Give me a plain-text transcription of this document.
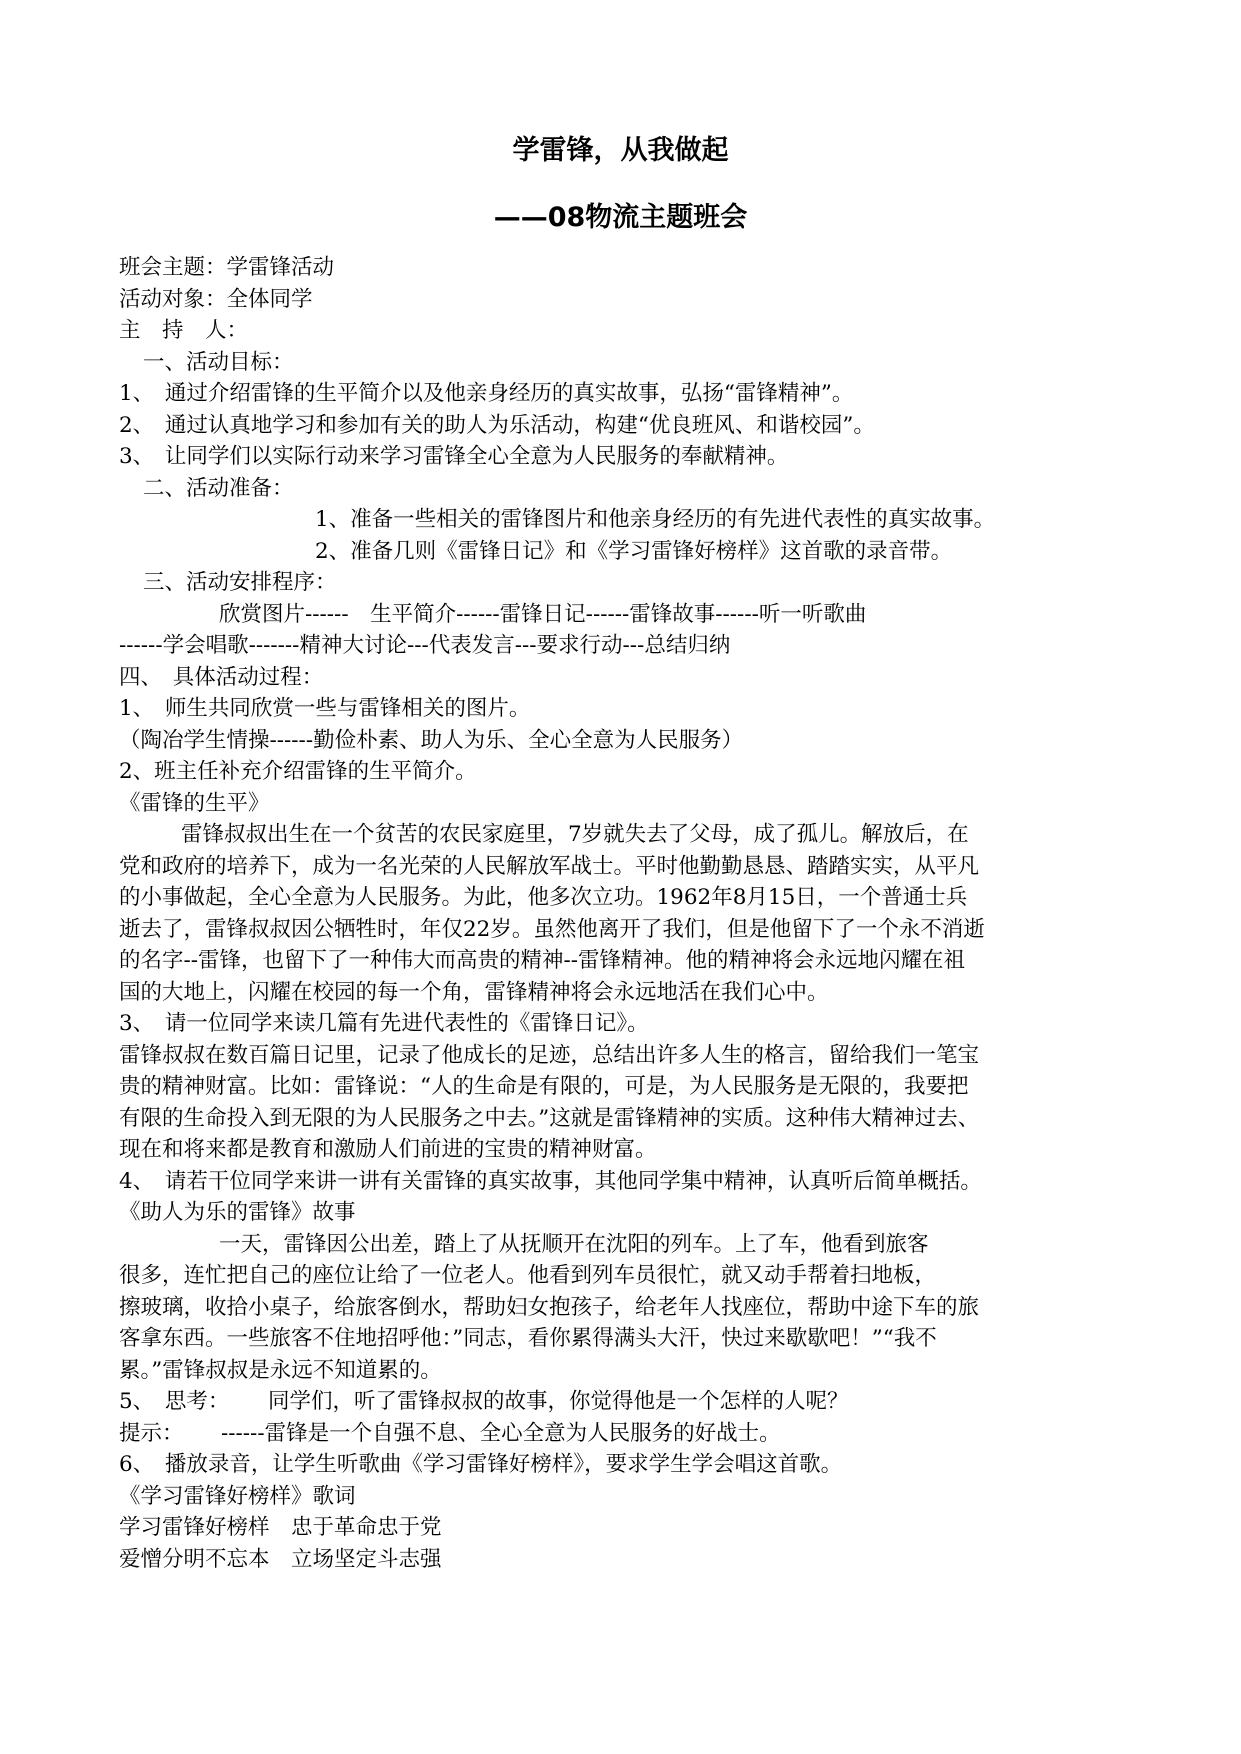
学雷锋，从我做起
——08物流主题班会
班会主题：学雷锋活动
活动对象：全体同学
主　持　人：
一、活动目标：
1、　通过介绍雷锋的生平简介以及他亲身经历的真实故事，弘扬“雷锋精神”。
2、　通过认真地学习和参加有关的助人为乐活动，构建“优良班风、和谐校园”。
3、　让同学们以实际行动来学习雷锋全心全意为人民服务的奉献精神。
二、活动准备：
1、准备一些相关的雷锋图片和他亲身经历的有先进代表性的真实故事。
2、准备几则《雷锋日记》和《学习雷锋好榜样》这首歌的录音带。
三、活动安排程序：
欣赏图片------　生平简介------雷锋日记------雷锋故事------听一听歌曲
------学会唱歌-------精神大讨论---代表发言---要求行动---总结归纳
四、　具体活动过程：
1、　师生共同欣赏一些与雷锋相关的图片。
（陶冶学生情操------勤俭朴素、助人为乐、全心全意为人民服务）
2、班主任补充介绍雷锋的生平简介。
《雷锋的生平》
雷锋叔叔出生在一个贫苦的农民家庭里，7岁就失去了父母，成了孤儿。解放后，在
党和政府的培养下，成为一名光荣的人民解放军战士。平时他勤勤恳恳、踏踏实实，从平凡
的小事做起，全心全意为人民服务。为此，他多次立功。1962年8月15日，一个普通士兵
逝去了，雷锋叔叔因公牺牲时，年仅22岁。虽然他离开了我们，但是他留下了一个永不消逝
的名字--雷锋，也留下了一种伟大而高贵的精神--雷锋精神。他的精神将会永远地闪耀在祖
国的大地上，闪耀在校园的每一个角，雷锋精神将会永远地活在我们心中。
3、　请一位同学来读几篇有先进代表性的《雷锋日记》。
雷锋叔叔在数百篇日记里，记录了他成长的足迹，总结出许多人生的格言，留给我们一笔宝
贵的精神财富。比如：雷锋说：“人的生命是有限的，可是，为人民服务是无限的，我要把
有限的生命投入到无限的为人民服务之中去。”这就是雷锋精神的实质。这种伟大精神过去、
现在和将来都是教育和激励人们前进的宝贵的精神财富。
4、　请若干位同学来讲一讲有关雷锋的真实故事，其他同学集中精神，认真听后简单概括。
《助人为乐的雷锋》故事
一天，雷锋因公出差，踏上了从抚顺开在沈阳的列车。上了车，他看到旅客
很多，连忙把自己的座位让给了一位老人。他看到列车员很忙，就又动手帮着扫地板，
擦玻璃，收拾小桌子，给旅客倒水，帮助妇女抱孩子，给老年人找座位，帮助中途下车的旅
客拿东西。一些旅客不住地招呼他：”同志，看你累得满头大汗，快过来歇歇吧！”“我不
累。”雷锋叔叔是永远不知道累的。
5、　思考： 同学们，听了雷锋叔叔的故事，你觉得他是一个怎样的人呢？
提示： ------雷锋是一个自强不息、全心全意为人民服务的好战士。
6、　播放录音，让学生听歌曲《学习雷锋好榜样》，要求学生学会唱这首歌。
《学习雷锋好榜样》歌词
学习雷锋好榜样　忠于革命忠于党
爱憎分明不忘本　立场坚定斗志强
